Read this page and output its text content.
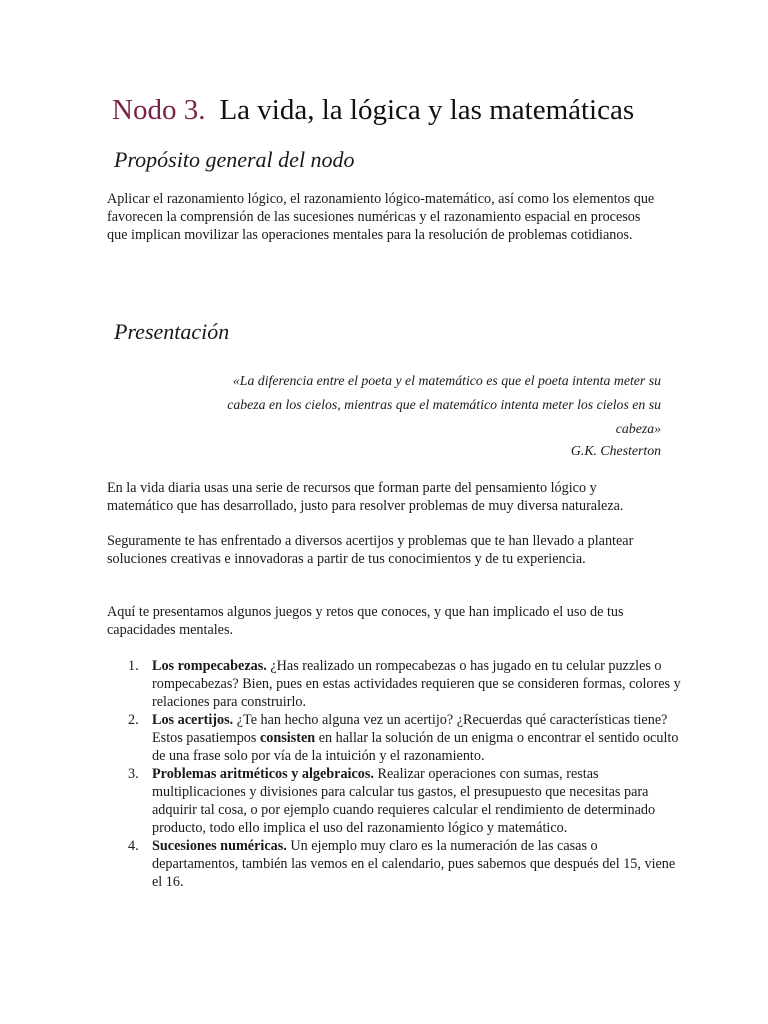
Nodo 3. La vida, la lógica y las matemáticas
Propósito general del nodo
Aplicar el razonamiento lógico, el razonamiento lógico-matemático, así como los elementos que favorecen la comprensión de las sucesiones numéricas y el razonamiento espacial en procesos que implican movilizar las operaciones mentales para la resolución de problemas cotidianos.
Presentación
«La diferencia entre el poeta y el matemático es que el poeta intenta meter su cabeza en los cielos, mientras que el matemático intenta meter los cielos en su cabeza»
G.K. Chesterton
En la vida diaria usas una serie de recursos que forman parte del pensamiento lógico y matemático que has desarrollado, justo para resolver problemas de muy diversa naturaleza.
Seguramente te has enfrentado a diversos acertijos y problemas que te han llevado a plantear soluciones creativas e innovadoras a partir de tus conocimientos y de tu experiencia.
Aquí te presentamos algunos juegos y retos que conoces, y que han implicado el uso de tus capacidades mentales.
1. Los rompecabezas. ¿Has realizado un rompecabezas o has jugado en tu celular puzzles o rompecabezas? Bien, pues en estas actividades requieren que se consideren formas, colores y relaciones para construirlo.
2. Los acertijos. ¿Te han hecho alguna vez un acertijo? ¿Recuerdas qué características tiene? Estos pasatiempos consisten en hallar la solución de un enigma o encontrar el sentido oculto de una frase solo por vía de la intuición y el razonamiento.
3. Problemas aritméticos y algebraicos. Realizar operaciones con sumas, restas multiplicaciones y divisiones para calcular tus gastos, el presupuesto que necesitas para adquirir tal cosa, o por ejemplo cuando requieres calcular el rendimiento de determinado producto, todo ello implica el uso del razonamiento lógico y matemático.
4. Sucesiones numéricas. Un ejemplo muy claro es la numeración de las casas o departamentos, también las vemos en el calendario, pues sabemos que después del 15, viene el 16.
